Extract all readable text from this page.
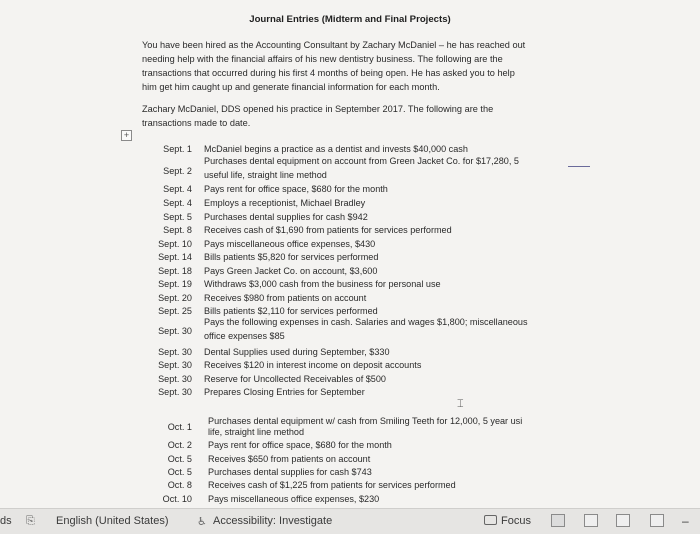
Journal Entries (Midterm and Final Projects)
You have been hired as the Accounting Consultant by Zachary McDaniel – he has reached out
needing help with the financial affairs of his new dentistry business. The following are the
transactions that occurred during his first 4 months of being open. He has asked you to help
him get him caught up and generate financial information for each month.
Zachary McDaniel, DDS opened his practice in September 2017. The following are the
transactions made to date.
+
Sept. 1 McDaniel begins a practice as a dentist and invests $40,000 cash
Sept. 2
Purchases dental equipment on account from Green Jacket Co. for $17,280, 5
useful life, straight line method
Sept. 4 Pays rent for office space, $680 for the month
Sept. 4 Employs a receptionist, Michael Bradley
Sept. 5 Purchases dental supplies for cash $942
Sept. 8 Receives cash of $1,690 from patients for services performed
Sept. 10 Pays miscellaneous office expenses, $430
Sept. 14 Bills patients $5,820 for services performed
Sept. 18 Pays Green Jacket Co. on account, $3,600
Sept. 19 Withdraws $3,000 cash from the business for personal use
Sept. 20 Receives $980 from patients on account
Sept. 25 Bills patients $2,110 for services performed
Sept. 30
Pays the following expenses in cash. Salaries and wages $1,800; miscellaneous
office expenses $85
Sept. 30 Dental Supplies used during September, $330
Sept. 30 Receives $120 in interest income on deposit accounts
Sept. 30 Reserve for Uncollected Receivables of $500
Sept. 30 Prepares Closing Entries for September
Oct. 1
Purchases dental equipment w/ cash from Smiling Teeth for 12,000, 5 year usi
life, straight line method
Oct. 2 Pays rent for office space, $680 for the month
Oct. 5 Receives $650 from patients on account
Oct. 5 Purchases dental supplies for cash $743
Oct. 8 Receives cash of $1,225 from patients for services performed
Oct. 10 Pays miscellaneous office expenses, $230
⌶
ds ⎘ English (United States)	♿ Accessibility: Investigate	Focus	–
